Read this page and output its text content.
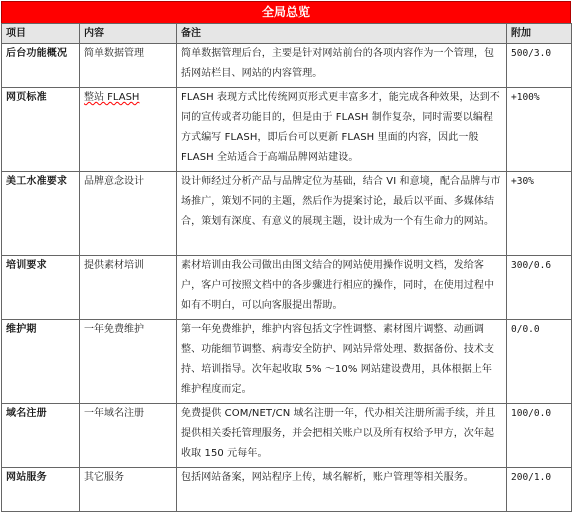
全局总览
项目	内容	备注	附加
后台功能概况	简单数据管理	简单数据管理后台，主要是针对网站前台的各项内容作为一个管理，包括网站栏目、网站的内容管理。	500/3.0
网页标准	整站 FLASH	FLASH 表现方式比传统网页形式更丰富多才，能完成各种效果，达到不同的宣传或者功能目的，但是由于 FLASH 制作复杂，同时需要以编程方式编写 FLASH，即后台可以更新 FLASH 里面的内容，因此一般 FLASH 全站适合于高端品牌网站建设。	+100%
美工水准要求	品牌意念设计	设计师经过分析产品与品牌定位为基础，结合 VI 和意境，配合品牌与市场推广，策划不同的主题，然后作为提案讨论，最后以平面、多媒体结合，策划有深度、有意义的展现主题，设计成为一个有生命力的网站。	+30%
培训要求	提供素材培训	素材培训由我公司做出由图文结合的网站使用操作说明文档，发给客户，客户可按照文档中的各步骤进行相应的操作，同时，在使用过程中如有不明白，可以向客服提出帮助。	300/0.6
维护期	一年免费维护	第一年免费维护，维护内容包括文字性调整、素材图片调整、动画调整、功能细节调整、病毒安全防护、网站异常处理、数据备份、技术支持、培训指导。次年起收取 5% ～10% 网站建设费用，具体根据上年维护程度而定。	0/0.0
域名注册	一年域名注册	免费提供 COM/NET/CN 域名注册一年，代办相关注册所需手续，并且提供相关委托管理服务，并会把相关账户以及所有权给予甲方，次年起收取 150 元每年。	100/0.0
网站服务	其它服务	包括网站备案，网站程序上传，域名解析，账户管理等相关服务。	200/1.0
